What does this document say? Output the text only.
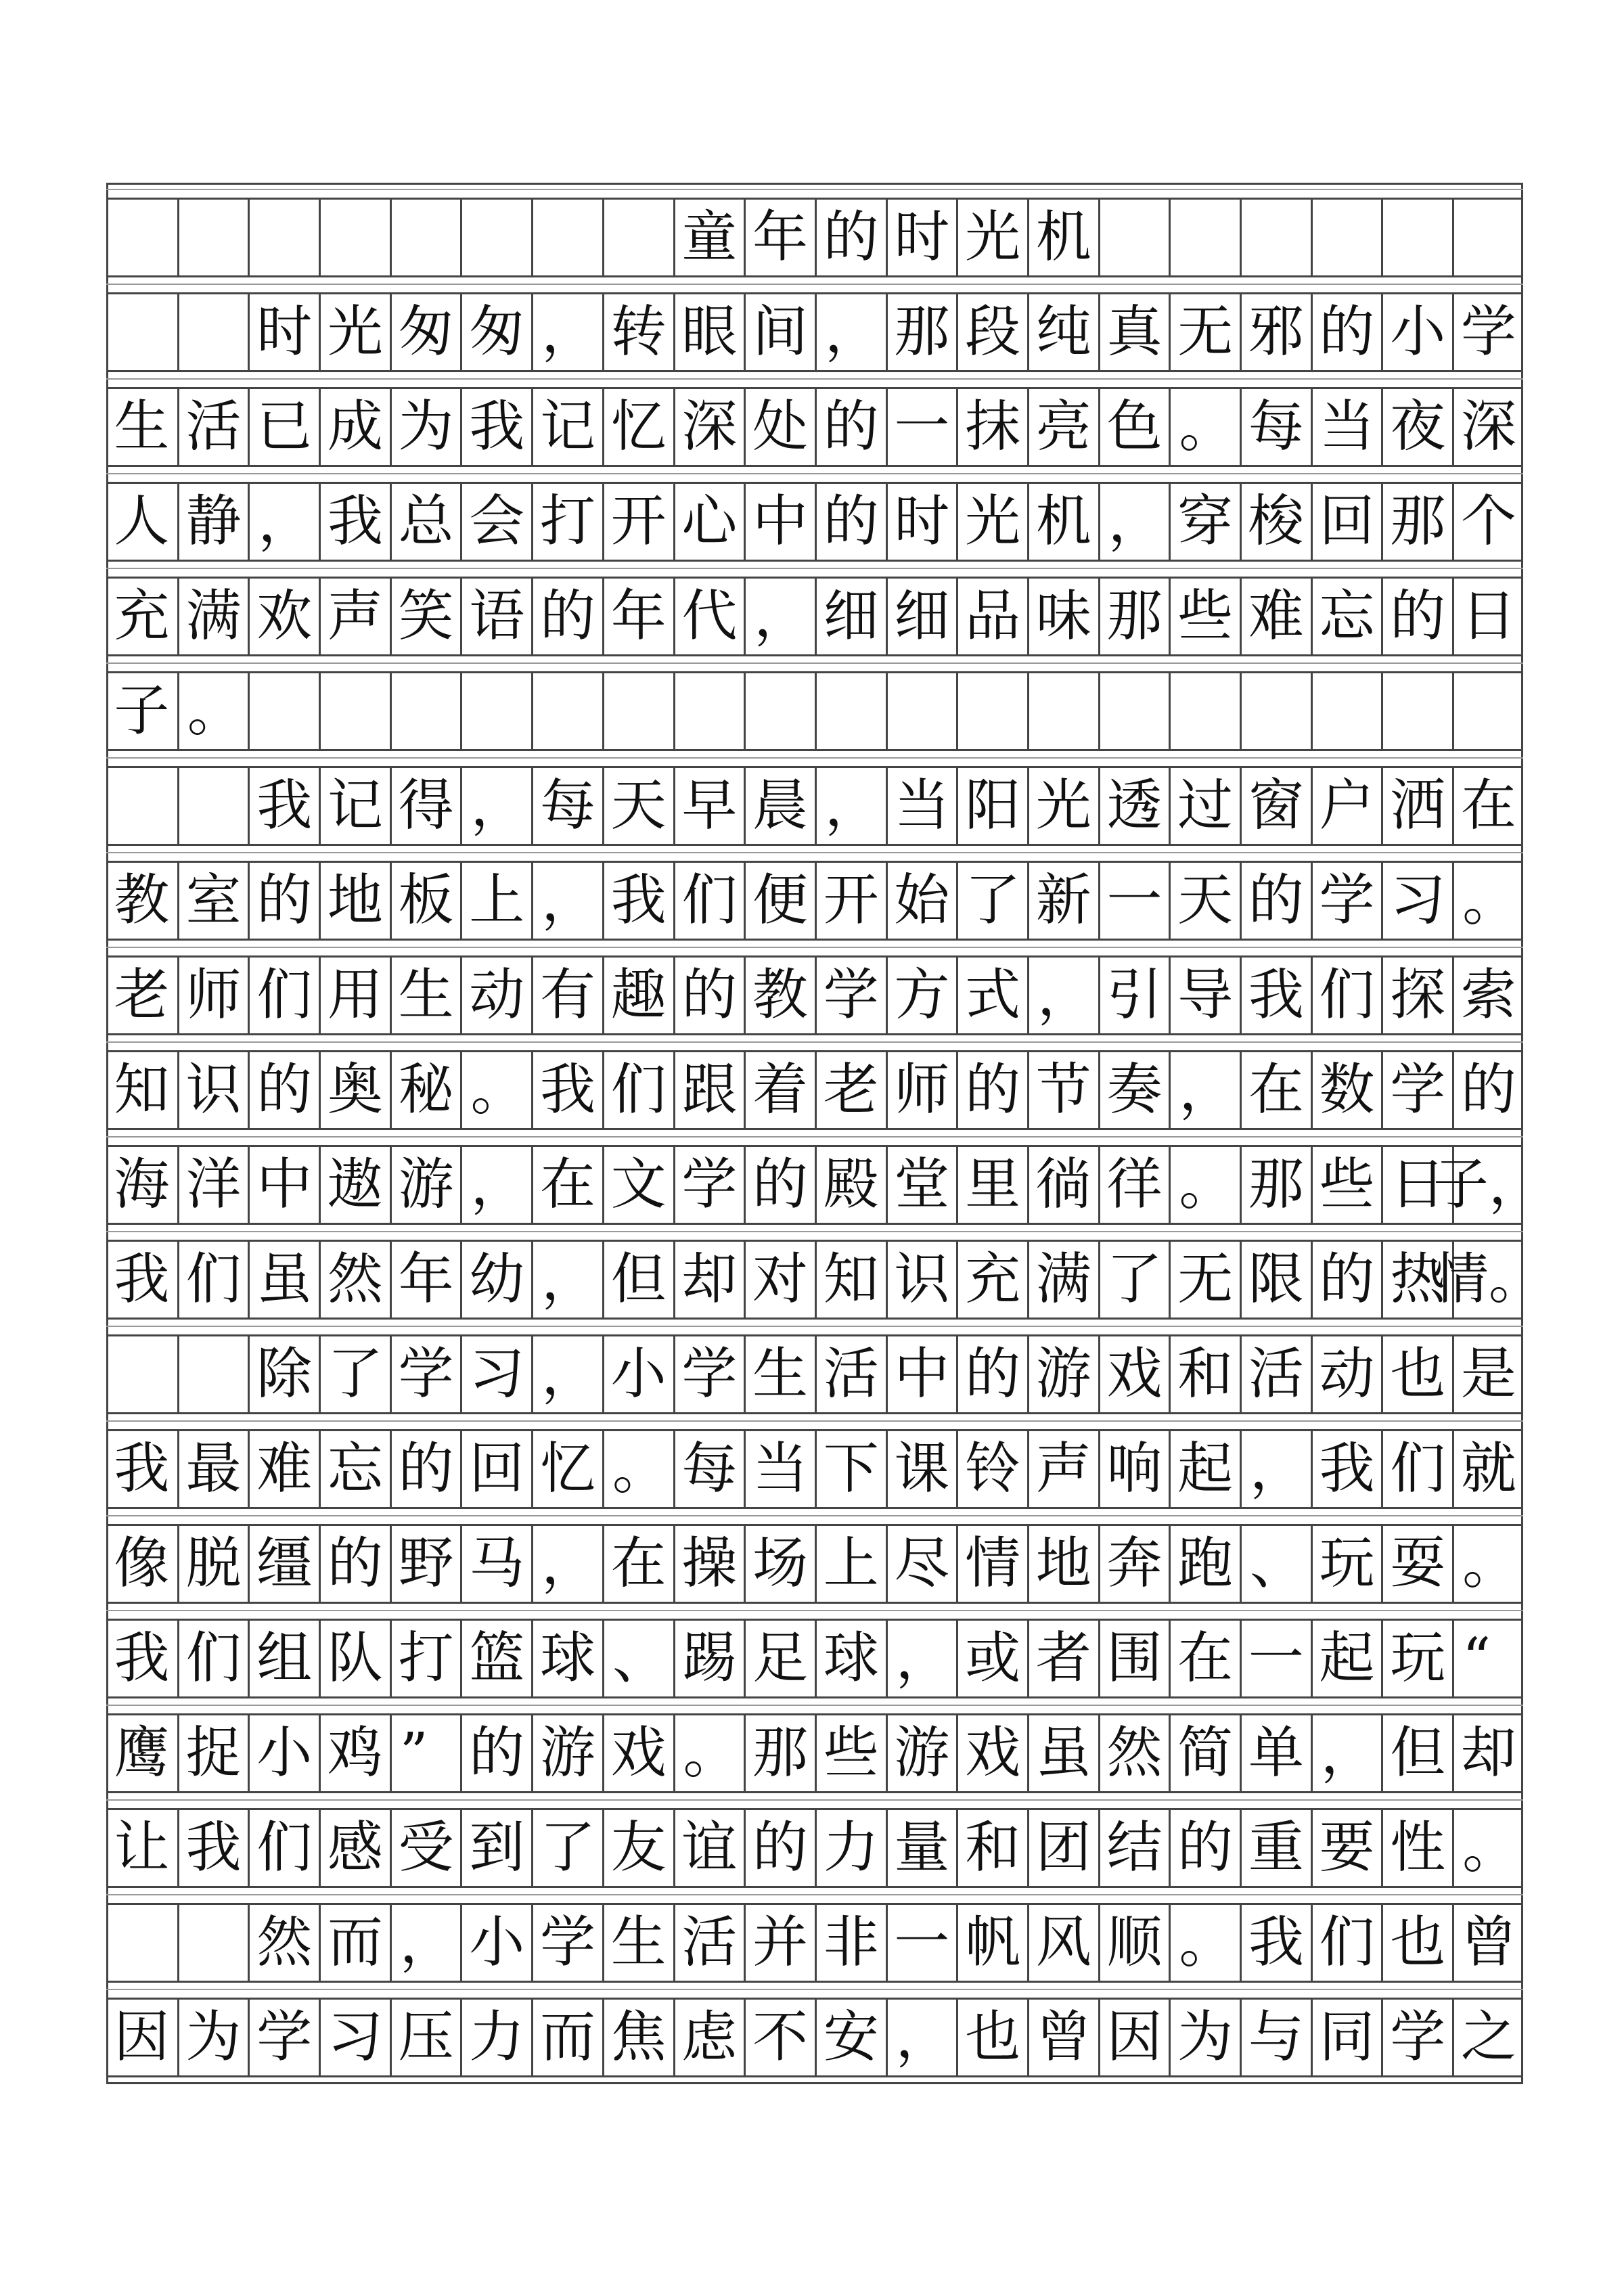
童 年 的 时 光 机
时 光 匆 匆 ， 转 眼 间 ， 那 段 纯 真 无 邪 的 小 学
生 活 已 成 为 我 记 忆 深 处 的 一 抹 亮 色 。 每 当 夜 深
人 静 ， 我 总 会 打 开 心 中 的 时 光 机 ， 穿 梭 回 那 个
充 满 欢 声 笑 语 的 年 代 ， 细 细 品 味 那 些 难 忘 的 日
子 。
我 记 得 ， 每 天 早 晨 ， 当 阳 光 透 过 窗 户 洒 在
教 室 的 地 板 上 ， 我 们 便 开 始 了 新 一 天 的 学 习 。
老 师 们 用 生 动 有 趣 的 教 学 方 式 ， 引 导 我 们 探 索
知 识 的 奥 秘 。 我 们 跟 着 老 师 的 节 奏 ， 在 数 学 的
海 洋 中 遨 游 ， 在 文 学 的 殿 堂 里 徜 徉 。 那 些 日
子，
我 们 虽 然 年 幼 ， 但 却 对 知 识 充 满 了 无 限 的 热
情。
除 了 学 习 ， 小 学 生 活 中 的 游 戏 和 活 动 也 是
我 最 难 忘 的 回 忆 。 每 当 下 课 铃 声 响 起 ， 我 们 就
像 脱 缰 的 野 马 ， 在 操 场 上 尽 情 地 奔 跑 、 玩 耍 。
我 们 组 队 打 篮 球 、 踢 足 球 ， 或 者 围 在 一 起 玩 “
鹰 捉 小 鸡 ” 的 游 戏 。 那 些 游 戏 虽 然 简 单 ， 但 却
让 我 们 感 受 到 了 友 谊 的 力 量 和 团 结 的 重 要 性 。
然 而 ， 小 学 生 活 并 非 一 帆 风 顺 。 我 们 也 曾
因 为 学 习 压 力 而 焦 虑 不 安 ， 也 曾 因 为 与 同 学 之
